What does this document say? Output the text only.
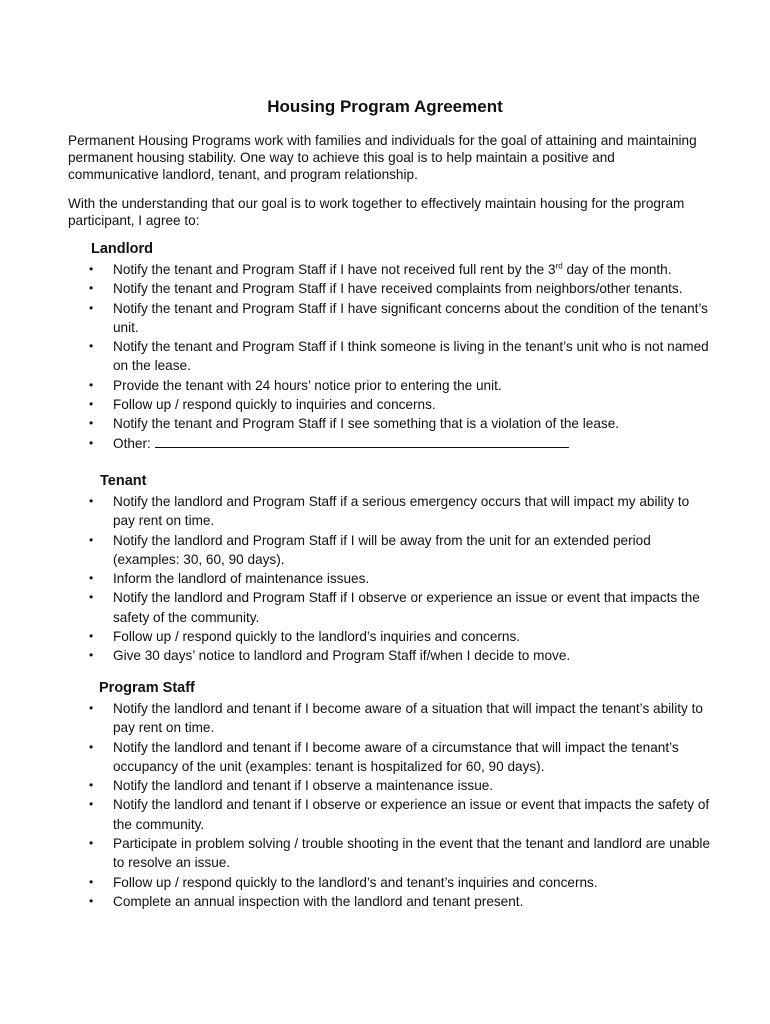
Housing Program Agreement
Permanent Housing Programs work with families and individuals for the goal of attaining and maintaining permanent housing stability. One way to achieve this goal is to help maintain a positive and communicative landlord, tenant, and program relationship.
With the understanding that our goal is to work together to effectively maintain housing for the program participant, I agree to:
Landlord
• Notify the tenant and Program Staff if I have not received full rent by the 3rd day of the month.
• Notify the tenant and Program Staff if I have received complaints from neighbors/other tenants.
• Notify the tenant and Program Staff if I have significant concerns about the condition of the tenant’s unit.
• Notify the tenant and Program Staff if I think someone is living in the tenant’s unit who is not named on the lease.
• Provide the tenant with 24 hours’ notice prior to entering the unit.
• Follow up / respond quickly to inquiries and concerns.
• Notify the tenant and Program Staff if I see something that is a violation of the lease.
• Other:
Tenant
• Notify the landlord and Program Staff if a serious emergency occurs that will impact my ability to pay rent on time.
• Notify the landlord and Program Staff if I will be away from the unit for an extended period (examples: 30, 60, 90 days).
• Inform the landlord of maintenance issues.
• Notify the landlord and Program Staff if I observe or experience an issue or event that impacts the safety of the community.
• Follow up / respond quickly to the landlord’s inquiries and concerns.
• Give 30 days’ notice to landlord and Program Staff if/when I decide to move.
Program Staff
• Notify the landlord and tenant if I become aware of a situation that will impact the tenant’s ability to pay rent on time.
• Notify the landlord and tenant if I become aware of a circumstance that will impact the tenant’s occupancy of the unit (examples: tenant is hospitalized for 60, 90 days).
• Notify the landlord and tenant if I observe a maintenance issue.
• Notify the landlord and tenant if I observe or experience an issue or event that impacts the safety of the community.
• Participate in problem solving / trouble shooting in the event that the tenant and landlord are unable to resolve an issue.
• Follow up / respond quickly to the landlord’s and tenant’s inquiries and concerns.
• Complete an annual inspection with the landlord and tenant present.
